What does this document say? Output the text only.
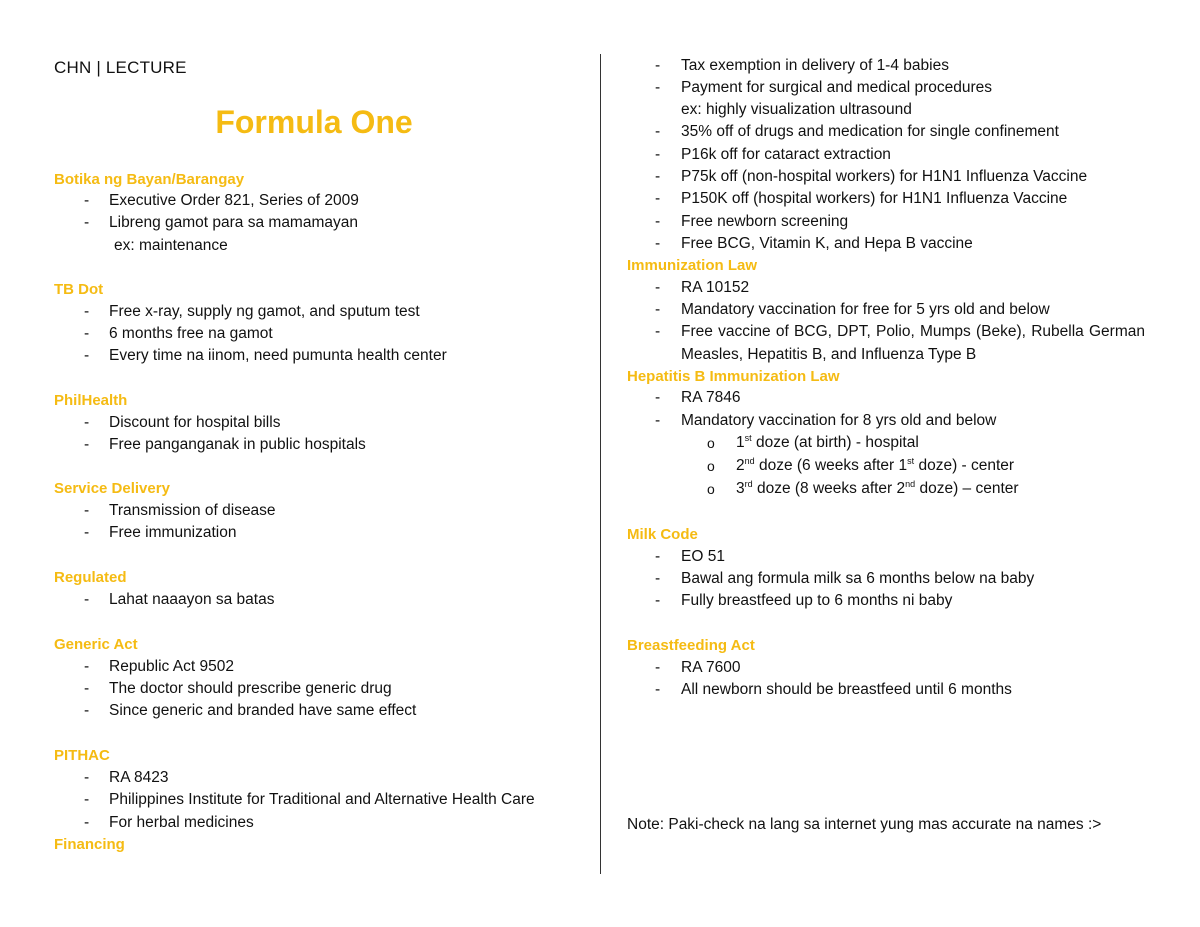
CHN | LECTURE
Formula One
Botika ng Bayan/Barangay
-	Executive Order 821, Series of 2009
-	Libreng gamot para sa mamamayan
ex: maintenance
TB Dot
-	Free x-ray, supply ng gamot, and sputum test
-	6 months free na gamot
-	Every time na iinom, need pumunta health center
PhilHealth
-	Discount for hospital bills
-	Free panganganak in public hospitals
Service Delivery
-	Transmission of disease
-	Free immunization
Regulated
-	Lahat naaayon sa batas
Generic Act
-	Republic Act 9502
-	The doctor should prescribe generic drug
-	Since generic and branded have same effect
PITHAC
-	RA 8423
-	Philippines Institute for Traditional and Alternative Health Care
-	For herbal medicines
Financing
-	Tax exemption in delivery of 1-4 babies
-	Payment for surgical and medical procedures
ex: highly visualization ultrasound
-	35% off of drugs and medication for single confinement
-	P16k off for cataract extraction
-	P75k off (non-hospital workers) for H1N1 Influenza Vaccine
-	P150K off (hospital workers) for H1N1 Influenza Vaccine
-	Free newborn screening
-	Free BCG, Vitamin K, and Hepa B vaccine
Immunization Law
-	RA 10152
-	Mandatory vaccination for free for 5 yrs old and below
-	Free vaccine of BCG, DPT, Polio, Mumps (Beke), Rubella German Measles, Hepatitis B, and Influenza Type B
Hepatitis B Immunization Law
-	RA 7846
-	Mandatory vaccination for 8 yrs old and below
o 1st doze (at birth) - hospital
o 2nd doze (6 weeks after 1st doze) - center
o 3rd doze (8 weeks after 2nd doze) – center
Milk Code
-	EO 51
-	Bawal ang formula milk sa 6 months below na baby
-	Fully breastfeed up to 6 months ni baby
Breastfeeding Act
-	RA 7600
-	All newborn should be breastfeed until 6 months
Note: Paki-check na lang sa internet yung mas accurate na names :>
